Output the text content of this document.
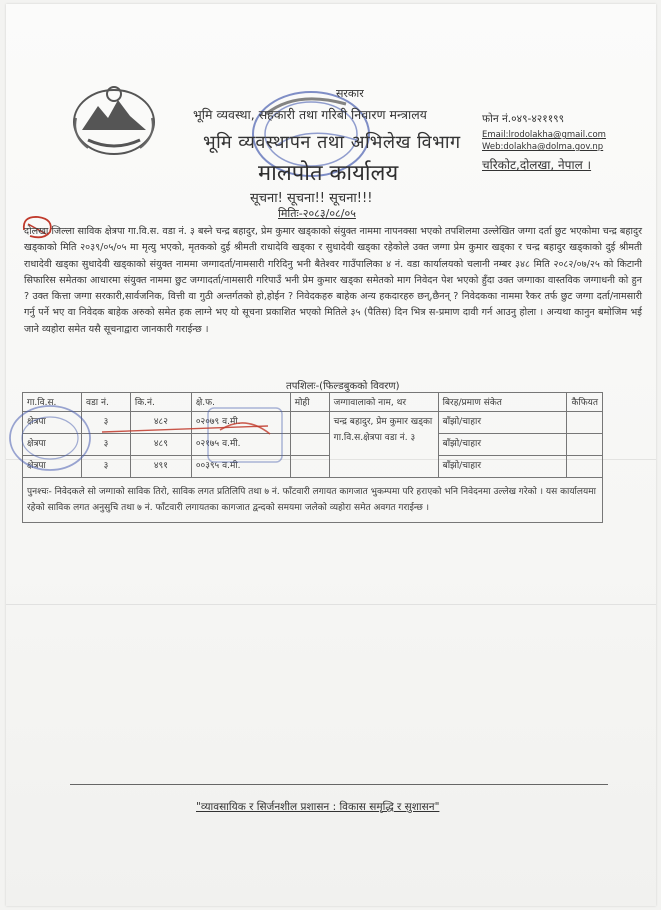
सरकार
भूमि व्यवस्था, सहकारी तथा गरिबी निवारण मन्त्रालय
भूमि व्यवस्थापन तथा अभिलेख विभाग
मालपोत कार्यालय
फोन नं.०४९-४२११९९
Email:lrodolakha@gmail.com
Web:dolakha@dolma.gov.np
चरिकोट,दोलखा, नेपाल ।
सूचना! सूचना!! सूचना!!!
मितिः-२०८३/०८/०५
दोलखा जिल्ला साविक क्षेत्रपा गा.वि.स. वडा नं. ३ बस्ने चन्द्र बहादुर, प्रेम कुमार खड्काको संयुक्त नाममा नापनक्सा भएको तपशिलमा उल्लेखित जग्गा दर्ता छुट भएकोमा चन्द्र बहादुर खड्काको मिति २०३९/०५/०५ मा मृत्यु भएको, मृतकको दुई श्रीमती राधादेवि खड्का र सुधादेवी खड्का रहेकोले उक्त जग्गा प्रेम कुमार खड्का र चन्द्र बहादुर खड्काको दुई श्रीमती राधादेवी खड्का सुधादेवी खड्काको संयुक्त नाममा जग्गादर्ता/नामसारी गरिदिनु भनी बैतेश्वर गाउँपालिका ४ नं. वडा कार्यालयको चलानी नम्बर ३४८ मिति २०८२/०७/२५ को किटानी सिफारिस समेतका आधारमा संयुक्त नाममा छुट जग्गादर्ता/नामसारी गरिपाउँ भनी प्रेम कुमार खड्का समेतको माग निवेदन पेश भएको हुँदा उक्त जग्गाका वास्तविक जग्गाधनी को हुन ? उक्त कित्ता जग्गा सरकारी,सार्वजनिक, वित्ती वा गुठी अन्तर्गतको हो,होईन ? निवेदकहरु बाहेक अन्य हकदारहरु छन्,छैनन् ? निवेदकका नाममा रैकर तर्फ छुट जग्गा दर्ता/नामसारी गर्नु पर्ने भए वा निवेदक बाहेक अरुको समेत हक लाग्ने भए यो सूचना प्रकाशित भएको मितिले ३५ (पैतिस) दिन भित्र स-प्रमाण दावी गर्न आउनु होला । अन्यथा कानुन बमोजिम भई जाने व्यहोरा समेत यसै सूचनाद्वारा जानकारी गराईन्छ ।
तपशिलः-(फिल्डबुकको विवरण)
गा.वि.स.	वडा नं.	कि.नं.	क्षे.फ.	मोही	जग्गावालाको नाम, थर	बिरह/प्रमाण संकेत	कैफियत
क्षेत्रपा	३	४८२	०२०७९ व.मी.		चन्द्र बहादुर, प्रेम कुमार खड्का गा.वि.स.क्षेत्रपा वडा नं. ३	बाँझो/चाहार	
क्षेत्रपा	३	४८९	०२१७५ व.मी.			बाँझो/चाहार	
क्षेत्रपा	३	४९१	००३९५ व.मी.			बाँझो/चाहार	
पुनश्चः- निवेदकले सो जग्गाको साविक तिरो, साविक लगत प्रतिलिपि तथा ७ नं. फाँटवारी लगायत कागजात भुकम्पमा परि हराएको भनि निवेदनमा उल्लेख गरेको । यस कार्यालयमा रहेको साविक लगत अनुसुचि तथा ७ नं. फाँटवारी लगायतका कागजात द्वन्दको समयमा जलेको व्यहोरा समेत अवगत गराईन्छ ।							
"व्यावसायिक र सिर्जनशील प्रशासन : विकास समृद्धि र सुशासन"
